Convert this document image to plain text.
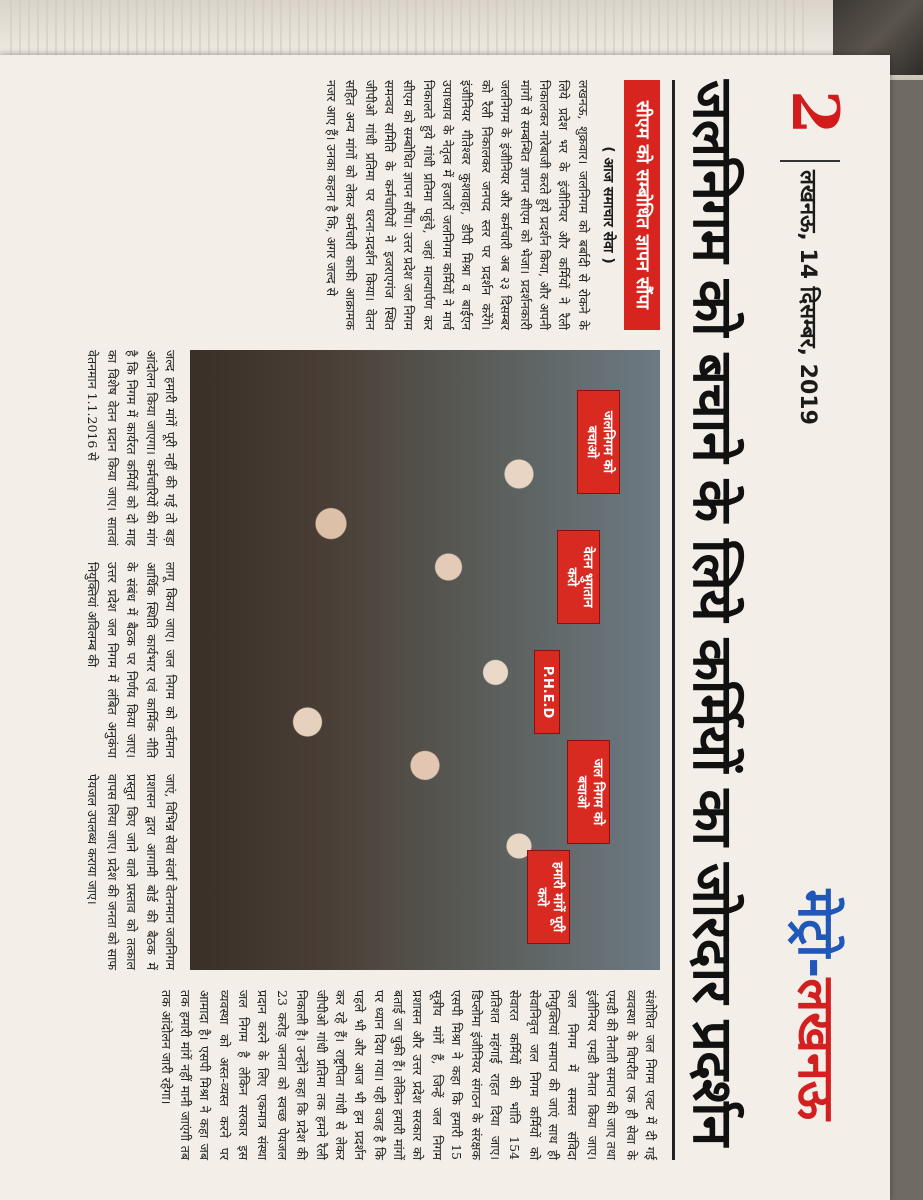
2
लखनऊ, 14 दिसम्बर, 2019
मेट्रो-लखनऊ
जलनिगम को बचाने के लिये कर्मियों का जोरदार प्रदर्शन
सीएम को सम्बोधित ज्ञापन सौंपा
( आज समाचार सेवा )
लखनऊ, शुक्रवार। जलनिगम को बर्बादी से रोकने के लिये प्रदेश भर के इंजीनियर और कर्मियों ने रैली निकालकर नारेबाजी करते हुये प्रदर्शन किया, और अपनी मांगों से सम्बन्धित ज्ञापन सीएम को भेजा। प्रदर्शनकारी जलनिगम के इंजीनियर और कर्मचारी अब २३ दिसम्बर को रैली निकालकर जनपद स्तर पर प्रदर्शन करेंगे। इंजीनियर गीतेश्वर कुशवाहा, डीपी मिश्रा व बाईएन उपाध्याय के नेतृत्व में हजारों जलनिगम कर्मियों ने मार्च निकालते हुये गांधी प्रतिमा पहुंचे, जहां माल्यार्पण कर सीएम को सम्बोधित ज्ञापन सौंपा। उत्तर प्रदेश जल निगम समन्वय समिति के कर्मचारियों ने इजराएगंज स्थित जीपीओ गांधी प्रतिमा पर धरना-प्रदर्शन किया। वेतन सहित अन्य मांगों को लेकर कर्मचारी काफी आक्रामक नजर आए हैं। उनका कहना है कि, अगर जल्द से
जलनिगम को बचाओ
वेतन भुगतान करो
P.H.E.D
जल निगम को बचाओ
हमारी मांगें पूरी करो
जल्द हमारी मांगें पूरी नहीं की गई तो बड़ा आंदोलन किया जाएगा। कर्मचारियों की मांग है कि निगम में कार्यरत कर्मियों को दो माह का विशेष वेतन प्रदान किया जाए। सातवां वेतनमान 1.1.2016 से
लागू किया जाए। जल निगम को वर्तमान आर्थिक स्थिति कार्यभार एवं कार्मिक नीति के संबंध में बैठक पर निर्णय किया जाए। उत्तर प्रदेश जल निगम में लंबित अनुकंपा नियुक्तियां अविलम्ब की
जाएं, विभिन्न सेवा संवर्ग वेतनमान जलनिगम प्रशासन द्वारा आगामी बोर्ड की बैठक में प्रस्तुत किए जाने वाले प्रस्ताव को तत्काल वापस लिया जाए। प्रदेश की जनता को साफ पेयजल उपलब्ध कराया जाए।
संशोधित जल निगम एक्ट में दी गई व्यवस्था के विपरीत एक ही सेवा के एमडी की तैनाती समाप्त की जाए तथा इंजीनियर एमडी तैनात किया जाए। जल निगम में समस्त संविदा नियुक्तियां समाप्त की जाएं साथ ही सेवानिवृत्त जल निगम कर्मियों को सेवारत कर्मियों की भांति 154 प्रतिशत महंगाई राहत दिया जाए। डिप्लोमा इंजीनियर संगठन के संरक्षक एसपी मिश्रा ने कहा कि हमारी 15 सूत्रीय मांगें हैं, जिन्हें जल निगम प्रशासन और उत्तर प्रदेश सरकार को बताई जा चुकी हैं। लेकिन हमारी मांगों पर ध्यान दिया गया। यही वजह है कि पहले भी और आज भी हम प्रदर्शन कर रहे हैं। राष्ट्रपिता गांधी से लेकर जीपीओ गांधी प्रतिमा तक हमने रैली निकाली है। उन्होंने कहा कि प्रदेश की 23 करोड़ जनता को स्वच्छ पेयजल प्रदान करने के लिए एकमात्र संस्था जल निगम है लेकिन सरकार इस व्यवस्था को अस्त-व्यस्त करने पर आमादा है। एसपी मिश्रा ने कहा जब तक हमारी मांगें नहीं मानी जाएंगी तब तक आंदोलन जारी रहेगा।
